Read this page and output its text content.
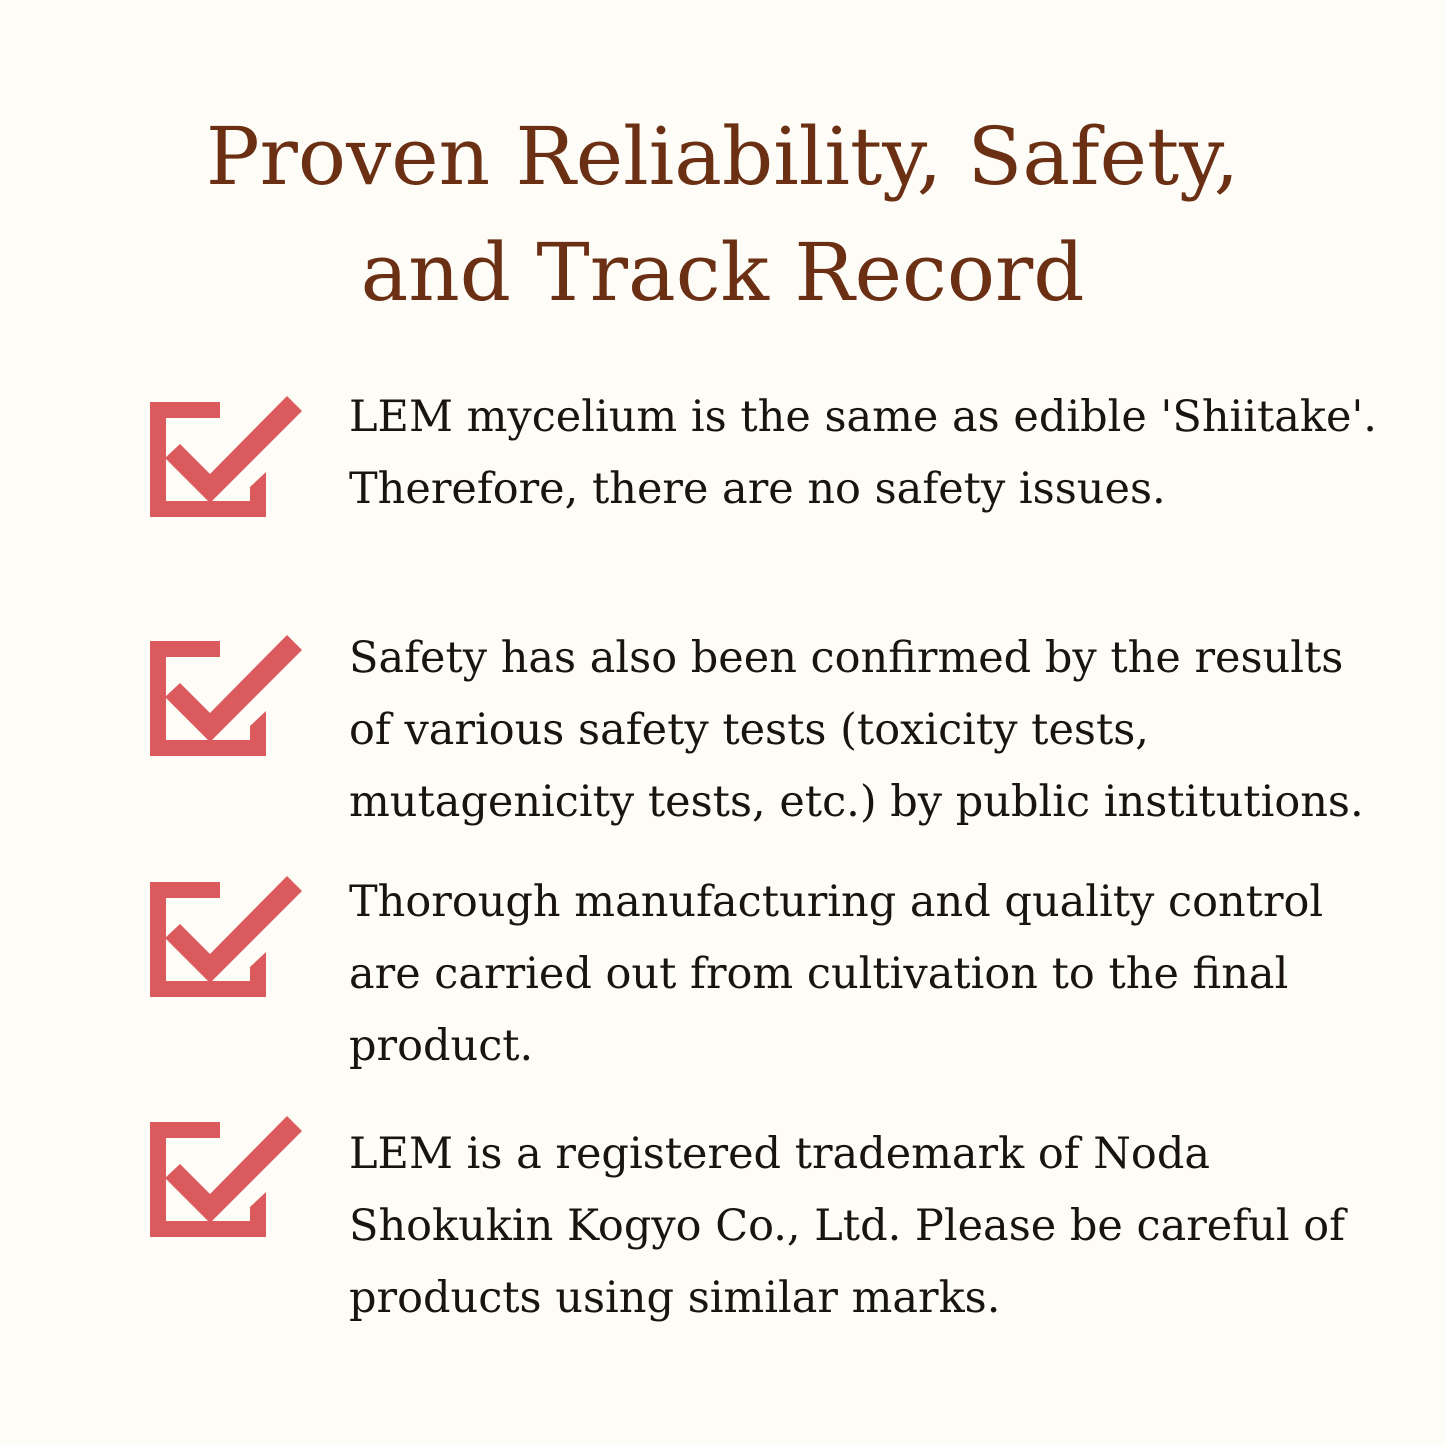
Proven Reliability, Safety,
and Track Record

LEM mycelium is the same as edible 'Shiitake'.
Therefore, there are no safety issues.

Safety has also been confirmed by the results
of various safety tests (toxicity tests,
mutagenicity tests, etc.) by public institutions.

Thorough manufacturing and quality control
are carried out from cultivation to the final
product.

LEM is a registered trademark of Noda
Shokukin Kogyo Co., Ltd. Please be careful of
products using similar marks.
